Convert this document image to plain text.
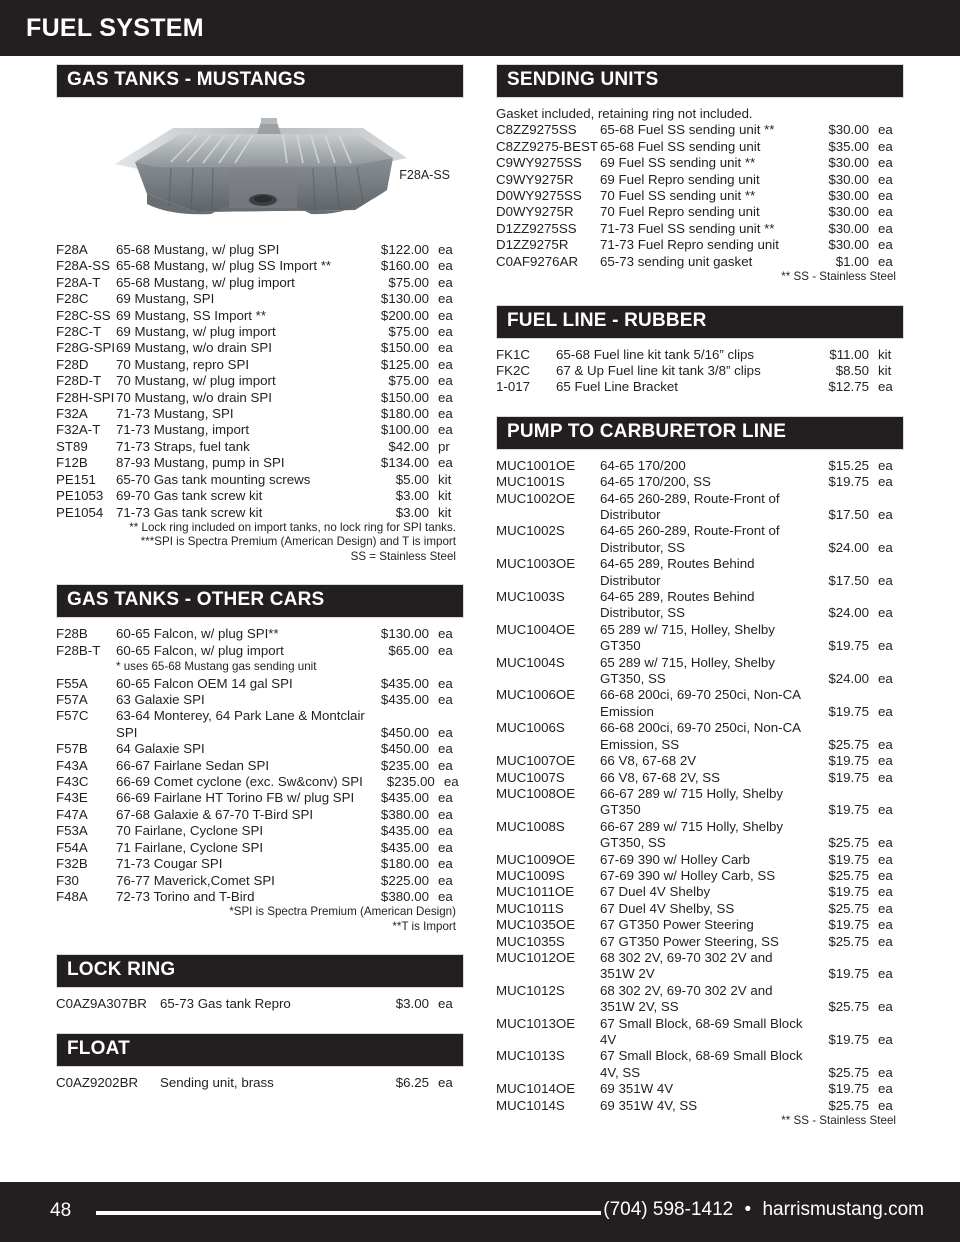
FUEL SYSTEM
GAS TANKS - MUSTANGS
F28A-SS
F28A	65-68 Mustang, w/ plug SPI	$122.00 ea
F28A-SS 65-68 Mustang, w/ plug SS Import **	$160.00 ea
F28A-T	65-68 Mustang, w/ plug import	$75.00 ea
F28C	69 Mustang, SPI	$130.00 ea
F28C-SS 69 Mustang, SS Import **	$200.00 ea
F28C-T	69 Mustang, w/ plug import	$75.00 ea
F28G-SPI 69 Mustang, w/o drain SPI	$150.00 ea
F28D	70 Mustang, repro SPI	$125.00 ea
F28D-T	70 Mustang, w/ plug import	$75.00 ea
F28H-SPI 70 Mustang, w/o drain SPI	$150.00 ea
F32A	71-73 Mustang, SPI	$180.00 ea
F32A-T	71-73 Mustang, import	$100.00 ea
ST89	71-73 Straps, fuel tank	$42.00 pr
F12B	87-93 Mustang, pump in SPI	$134.00 ea
PE151	65-70 Gas tank mounting screws	$5.00 kit
PE1053 69-70 Gas tank screw kit	$3.00 kit
PE1054 71-73 Gas tank screw kit	$3.00 kit
** Lock ring included on import tanks, no lock ring for SPI tanks.
***SPI is Spectra Premium (American Design) and T is import
SS = Stainless Steel
GAS TANKS - OTHER CARS
F28B	60-65 Falcon, w/ plug SPI**	$130.00 ea
F28B-T	60-65 Falcon, w/ plug import	$65.00 ea
* uses 65-68 Mustang gas sending unit
F55A	60-65 Falcon OEM 14 gal SPI	$435.00 ea
F57A	63 Galaxie SPI	$435.00 ea
F57C	63-64 Monterey, 64 Park Lane & Montclair
SPI	$450.00 ea
F57B	64 Galaxie SPI	$450.00 ea
F43A	66-67 Fairlane Sedan SPI	$235.00 ea
F43C	66-69 Comet cyclone (exc. Sw&conv) SPI	$235.00 ea
F43E	66-69 Fairlane HT Torino FB w/ plug SPI	$435.00 ea
F47A	67-68 Galaxie & 67-70 T-Bird SPI	$380.00 ea
F53A	70 Fairlane, Cyclone SPI	$435.00 ea
F54A	71 Fairlane, Cyclone SPI	$435.00 ea
F32B	71-73 Cougar SPI	$180.00 ea
F30	76-77 Maverick,Comet SPI	$225.00 ea
F48A	72-73 Torino and T-Bird	$380.00 ea
*SPI is Spectra Premium (American Design)
**T is Import
LOCK RING
C0AZ9A307BR 65-73 Gas tank Repro	$3.00 ea
FLOAT
C0AZ9202BR	Sending unit, brass	$6.25 ea
SENDING UNITS
Gasket included, retaining ring not included.
C8ZZ9275SS	65-68 Fuel SS sending unit **	$30.00 ea
C8ZZ9275-BEST 65-68 Fuel SS sending unit	$35.00 ea
C9WY9275SS	69 Fuel SS sending unit **	$30.00 ea
C9WY9275R	69 Fuel Repro sending unit	$30.00 ea
D0WY9275SS	70 Fuel SS sending unit **	$30.00 ea
D0WY9275R	70 Fuel Repro sending unit	$30.00 ea
D1ZZ9275SS	71-73 Fuel SS sending unit **	$30.00 ea
D1ZZ9275R	71-73 Fuel Repro sending unit	$30.00 ea
C0AF9276AR	65-73 sending unit gasket	$1.00 ea
** SS - Stainless Steel
FUEL LINE - RUBBER
FK1C	65-68 Fuel line kit tank 5/16” clips	$11.00 kit
FK2C	67 & Up Fuel line kit tank 3/8” clips	$8.50 kit
1-017	65 Fuel Line Bracket	$12.75 ea
PUMP TO CARBURETOR LINE
MUC1001OE	64-65 170/200	$15.25 ea
MUC1001S	64-65 170/200, SS	$19.75 ea
MUC1002OE	64-65 260-289, Route-Front of
Distributor	$17.50 ea
MUC1002S	64-65 260-289, Route-Front of
Distributor, SS	$24.00 ea
MUC1003OE	64-65 289, Routes Behind
Distributor	$17.50 ea
MUC1003S	64-65 289, Routes Behind
Distributor, SS	$24.00 ea
MUC1004OE	65 289 w/ 715, Holley, Shelby
GT350	$19.75 ea
MUC1004S	65 289 w/ 715, Holley, Shelby
GT350, SS	$24.00 ea
MUC1006OE	66-68 200ci, 69-70 250ci, Non-CA
Emission	$19.75 ea
MUC1006S	66-68 200ci, 69-70 250ci, Non-CA
Emission, SS	$25.75 ea
MUC1007OE	66 V8, 67-68 2V	$19.75 ea
MUC1007S	66 V8, 67-68 2V, SS	$19.75 ea
MUC1008OE	66-67 289 w/ 715 Holly, Shelby
GT350	$19.75 ea
MUC1008S	66-67 289 w/ 715 Holly, Shelby
GT350, SS	$25.75 ea
MUC1009OE	67-69 390 w/ Holley Carb	$19.75 ea
MUC1009S	67-69 390 w/ Holley Carb, SS	$25.75 ea
MUC1011OE	67 Duel 4V Shelby	$19.75 ea
MUC1011S	67 Duel 4V Shelby, SS	$25.75 ea
MUC1035OE	67 GT350 Power Steering	$19.75 ea
MUC1035S	67 GT350 Power Steering, SS	$25.75 ea
MUC1012OE	68 302 2V, 69-70 302 2V and
351W 2V	$19.75 ea
MUC1012S	68 302 2V, 69-70 302 2V and
351W 2V, SS	$25.75 ea
MUC1013OE	67 Small Block, 68-69 Small Block
4V	$19.75 ea
MUC1013S	67 Small Block, 68-69 Small Block
4V, SS	$25.75 ea
MUC1014OE	69 351W 4V	$19.75 ea
MUC1014S	69 351W 4V, SS	$25.75 ea
** SS - Stainless Steel
48	(704) 598-1412 • harrismustang.com
